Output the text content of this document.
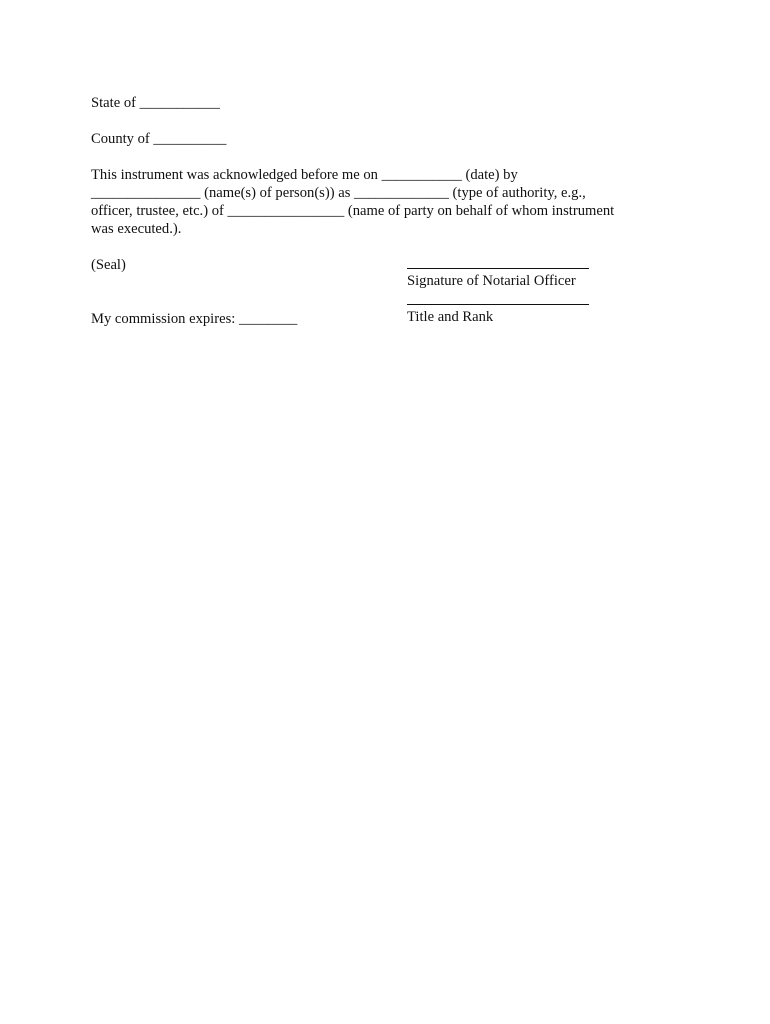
State of ___________
County of __________
This instrument was acknowledged before me on ___________ (date) by
_______________ (name(s) of person(s)) as _____________ (type of authority, e.g.,
officer, trustee, etc.) of ________________ (name of party on behalf of whom instrument
was executed.).
(Seal)
My commission expires: ________
Signature of Notarial Officer
Title and Rank
